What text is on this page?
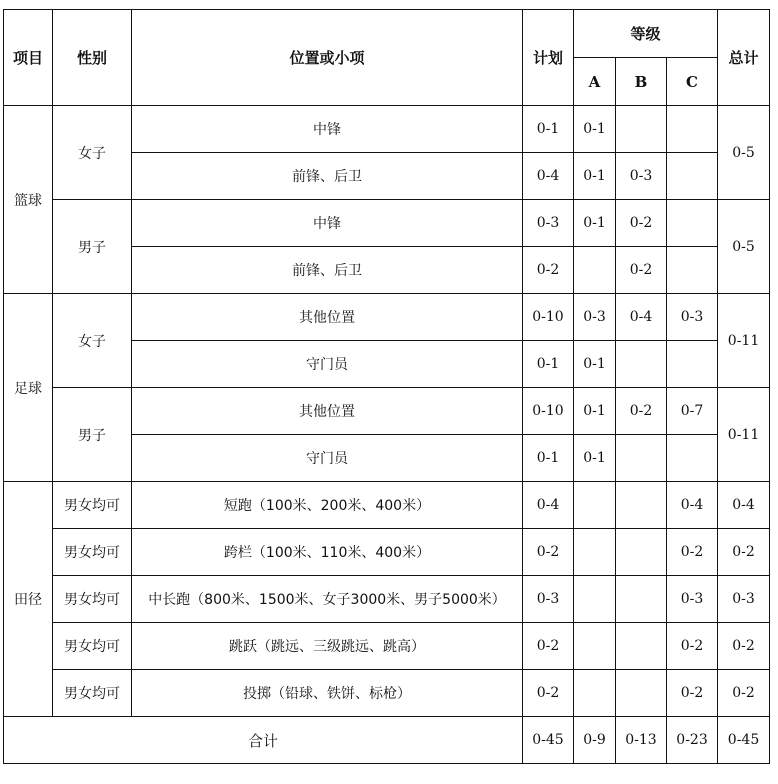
项目	性别	位置或小项	计划	等级			总计
				A	B	C	
篮球	女子	中锋	0-1	0-1			0-5
		前锋、后卫	0-4	0-1	0-3		
	男子	中锋	0-3	0-1	0-2		0-5
		前锋、后卫	0-2		0-2		
足球	女子	其他位置	0-10	0-3	0-4	0-3	0-11
		守门员	0-1	0-1			
	男子	其他位置	0-10	0-1	0-2	0-7	0-11
		守门员	0-1	0-1			
田径	男女均可	短跑（100米、200米、400米）	0-4			0-4	0-4
	男女均可	跨栏（100米、110米、400米）	0-2			0-2	0-2
	男女均可	中长跑（800米、1500米、女子3000米、男子5000米）	0-3			0-3	0-3
	男女均可	跳跃（跳远、三级跳远、跳高）	0-2			0-2	0-2
	男女均可	投掷（铅球、铁饼、标枪）	0-2			0-2	0-2
合计			0-45	0-9	0-13	0-23	0-45
